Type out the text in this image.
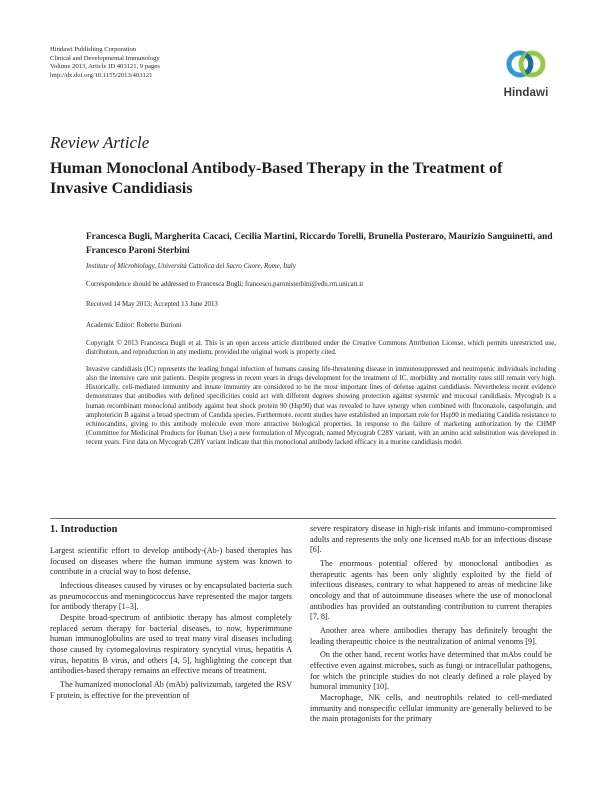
Hindawi Publishing Corporation
Clinical and Developmental Immunology
Volume 2013, Article ID 403121, 9 pages
http://dx.doi.org/10.1155/2013/403121
Hindawi
Review Article
Human Monoclonal Antibody-Based Therapy in the Treatment of Invasive Candidiasis
Francesca Bugli, Margherita Cacaci, Cecilia Martini, Riccardo Torelli, Brunella Posteraro, Maurizio Sanguinetti, and Francesco Paroni Sterbini
Institute of Microbiology, Università Cattolica del Sacro Cuore, Rome, Italy
Correspondence should be addressed to Francesca Bugli; francesco.paronisterbini@edu.rm.unicatt.it
Received 14 May 2013; Accepted 13 June 2013
Academic Editor: Roberto Burioni
Copyright © 2013 Francesca Bugli et al. This is an open access article distributed under the Creative Commons Attribution License, which permits unrestricted use, distribution, and reproduction in any medium, provided the original work is properly cited.
Invasive candidiasis (IC) represents the leading fungal infection of humans causing life-threatening disease in immunosuppressed and neutropenic individuals including also the intensive care unit patients. Despite progress in recent years in drugs development for the treatment of IC, morbidity and mortality rates still remain very high. Historically, cell-mediated immunity and innate immunity are considered to be the most important lines of defense against candidiasis. Nevertheless recent evidence demonstrates that antibodies with defined specificities could act with different degrees showing protection against systemic and mucosal candidiasis. Mycograb is a human recombinant monoclonal antibody against heat shock protein 90 (Hsp90) that was revealed to have synergy when combined with fluconazole, caspofungin, and amphotericin B against a broad spectrum of Candida species. Furthermore, recent studies have established an important role for Hsp90 in mediating Candida resistance to echinocandins, giving to this antibody molecule even more attractive biological properties. In response to the failure of marketing authorization by the CHMP (Committee for Medicinal Products for Human Use) a new formulation of Mycograb, named Mycograb C28Y variant, with an amino acid substitution was developed in recent years. First data on Mycograb C28Y variant indicate that this monoclonal antibody lacked efficacy in a murine candidiasis model.
1. Introduction

Largest scientific effort to develop antibody-(Ab-) based therapies has focused on diseases where the human immune system was known to contribute in a crucial way to host defense.

Infectious diseases caused by viruses or by encapsulated bacteria such as pneumococcus and meningococcus have represented the major targets for antibody therapy [1–3].

Despite broad-spectrum of antibiotic therapy has almost completely replaced serum therapy for bacterial diseases, to now, hyperimmune human immunoglobulins are used to treat many viral diseases including those caused by cytomegalovirus respiratory syncytial virus, hepatitis A virus, hepatitis B virus, and others [4, 5], highlighting the concept that antibodies-based therapy remains an effective means of treatment.

The humanized monoclonal Ab (mAb) palivizumab, targeted the RSV F protein, is effective for the prevention of

severe respiratory disease in high-risk infants and immuno-compromised adults and represents the only one licensed mAb for an infectious disease [6].

The enormous potential offered by monoclonal antibodies as therapeutic agents has been only slightly exploited by the field of infectious diseases, contrary to what happened to areas of medicine like oncology and that of autoimmune diseases where the use of monoclonal antibodies has provided an outstanding contribution to current therapies [7, 8].

Another area where antibodies therapy has definitely brought the leading therapeutic choice is the neutralization of animal venoms [9].

On the other hand, recent works have determined that mAbs could be effective even against microbes, such as fungi or intracellular pathogens, for which the principle studies do not clearly defined a role played by humoral immunity [10].

Macrophage, NK cells, and neutrophils related to cell-mediated immunity and nonspecific cellular immunity are generally believed to be the main protagonists for the primary
